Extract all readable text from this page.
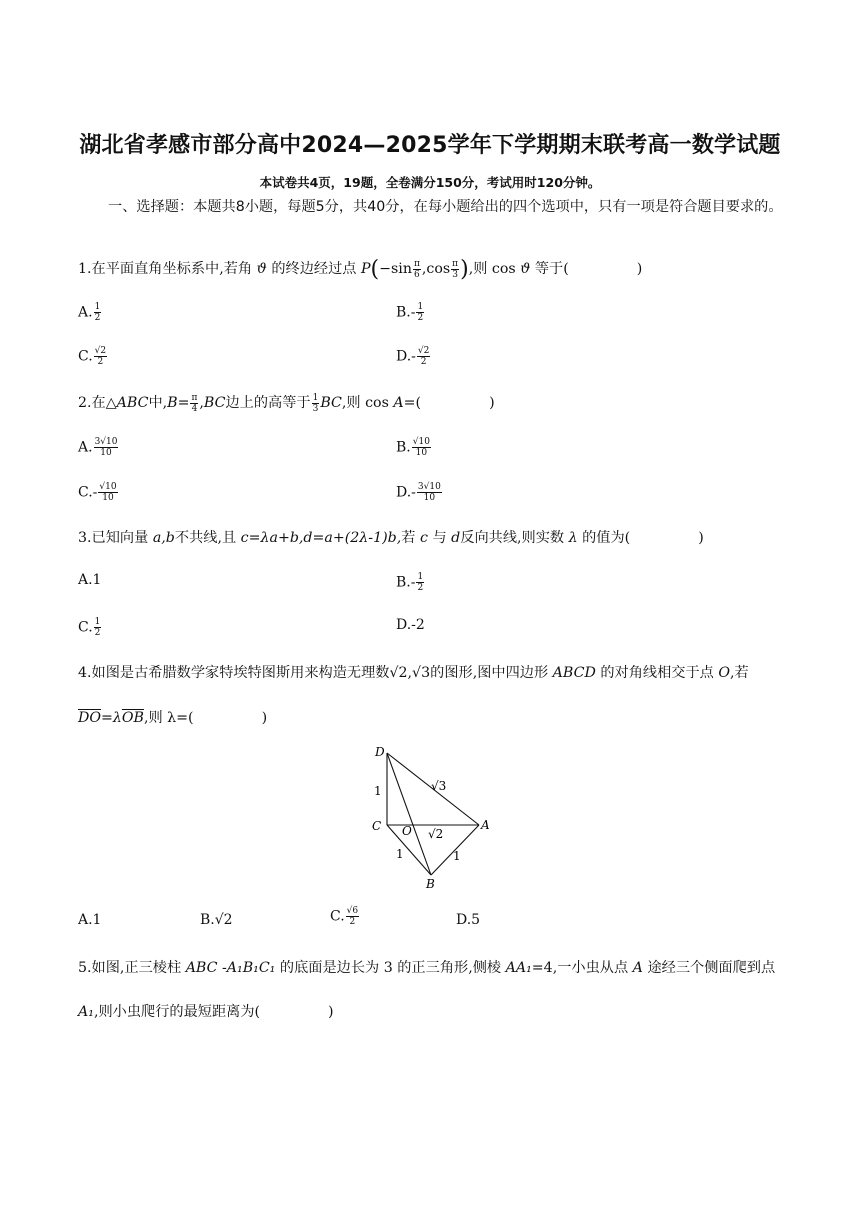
湖北省孝感市部分高中2024—2025学年下学期期末联考高一数学试题
本试卷共4页，19题，全卷满分150分，考试用时120分钟。
一、选择题：本题共8小题，每题5分，共40分，在每小题给出的四个选项中，只有一项是符合题目要求的。
1.在平面直角坐标系中,若角 ϑ 的终边经过点 $P(-\sin \frac{\pi}{6} ,\cos \frac{\pi}{3}$ ),则 cos ϑ 等于(	)
A. $\frac{1}{2}$	$B.- \frac{1}{2}$
C. $\frac{√2}{2}$	$D.- \frac{√2}{2}$
2.在△ABC中$,B= \frac{\pi}{4} ,BC$边上的高等于 $\frac{1}{3}$ BC,则 cos A=(	)
A. $\frac{3√10}{10}$	B. $\frac{√10}{10}$
$C.- \frac{√10}{10}$	$D.- \frac{3√10}{10}$
3.已知向量 a,b不共线,且 c=λa+b,d=a+(2λ-1)b,若 c 与 d反向共线,则实数 λ 的值为(	)
A.1	$B.- \frac{1}{2}$
C. $\frac{1}{2}$	D.-2
4.如图是古希腊数学家特埃特图斯用来构造无理数√2,√3的图形,图中四边形 ABCD 的对角线相交于点 O,若
$\overline{DO}=\lambda\overline{OB}$,则 λ=(	)
D
C O	A
B
1
1	1
√3
√2
A.1	B.√2	C. $\frac{√6}{2}$	D.5
5.如图,正三棱柱 ABC -A₁B₁C₁ 的底面是边长为 3 的正三角形,侧棱 AA₁=4,一小虫从点 A 途经三个侧面爬到点
A₁,则小虫爬行的最短距离为(	)
